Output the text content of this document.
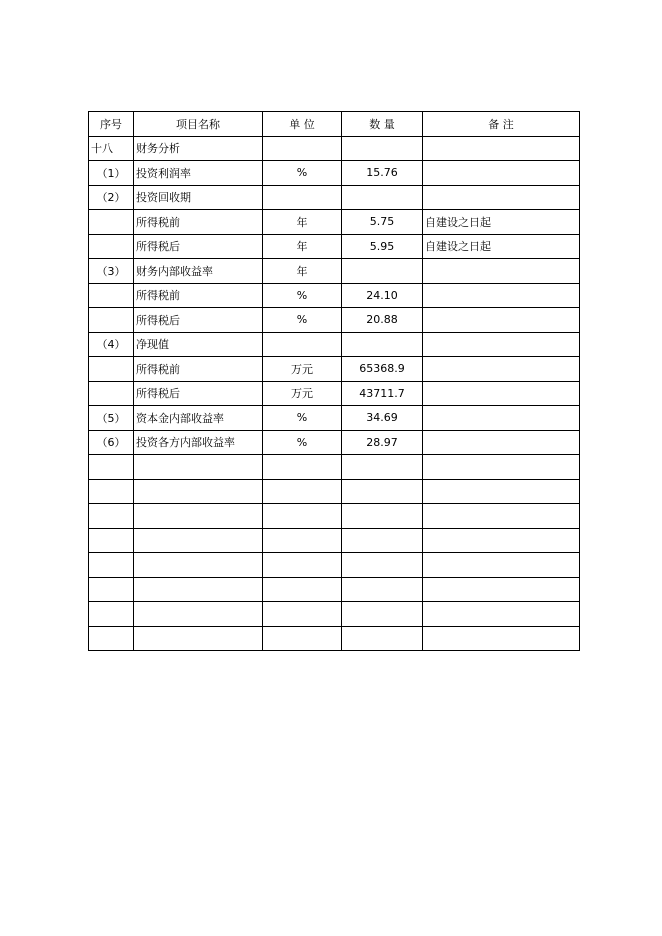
序号	项目名称	单 位	数 量	备 注
十八	财务分析			
（1）	投资利润率	%	15.76	
（2）	投资回收期			
	所得税前	年	5.75	自建设之日起
	所得税后	年	5.95	自建设之日起
（3）	财务内部收益率	年		
	所得税前	%	24.10	
	所得税后	%	20.88	
（4）	净现值			
	所得税前	万元	65368.9	
	所得税后	万元	43711.7	
（5）	资本金内部收益率	%	34.69	
（6）	投资各方内部收益率	%	28.97	
